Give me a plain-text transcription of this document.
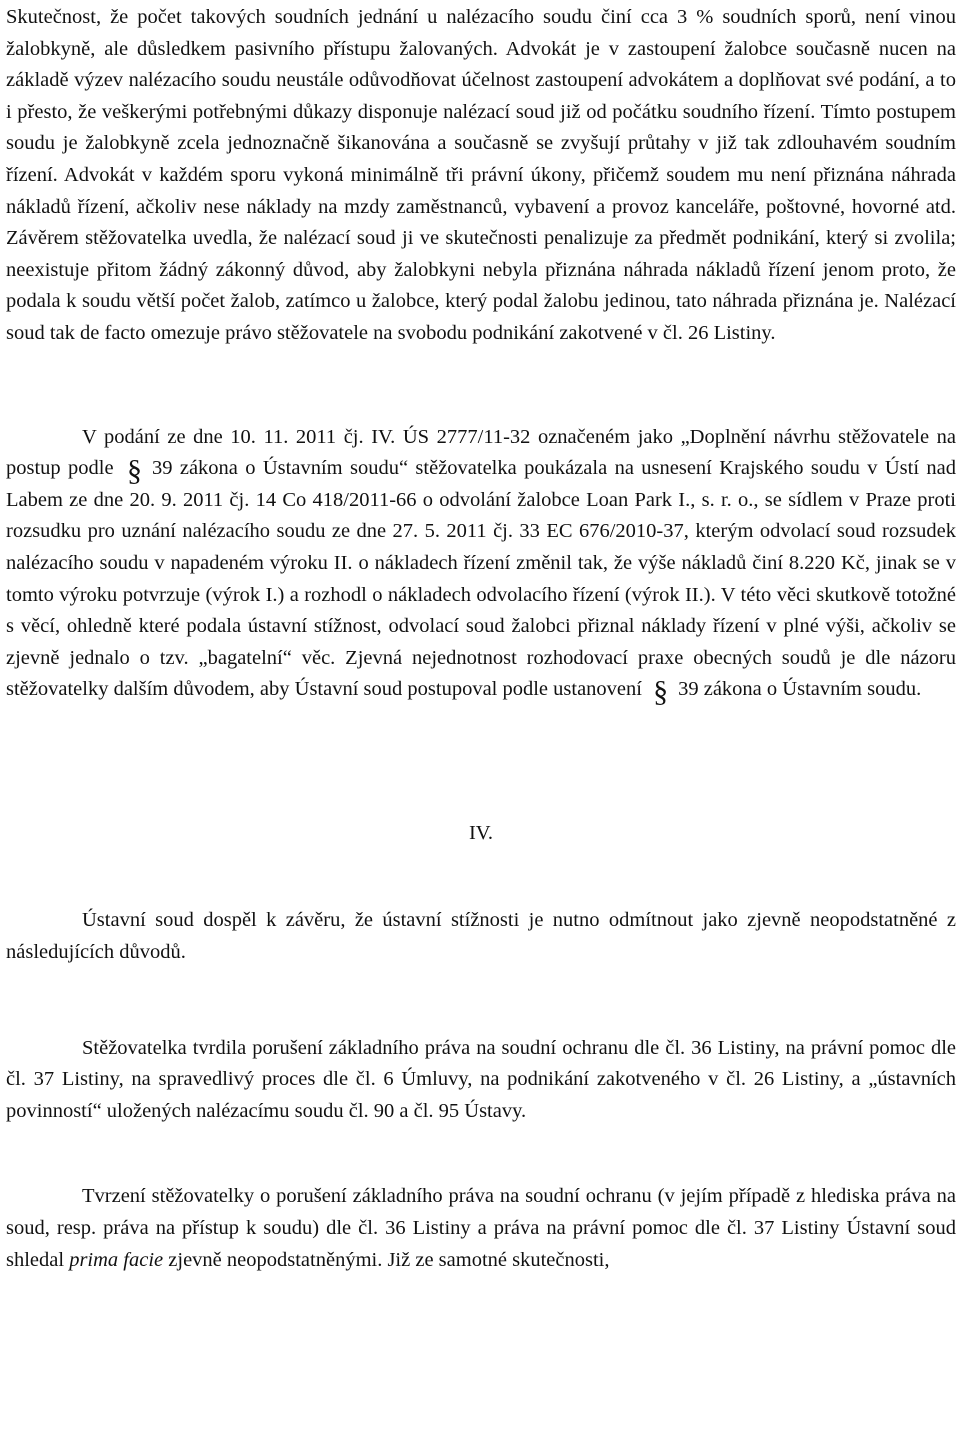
Skutečnost, že počet takových soudních jednání u nalézacího soudu činí cca 3 % soudních sporů, není vinou žalobkyně, ale důsledkem pasivního přístupu žalovaných. Advokát je v zastoupení žalobce současně nucen na základě výzev nalézacího soudu neustále odůvodňovat účelnost zastoupení advokátem a doplňovat své podání, a to i přesto, že veškerými potřebnými důkazy disponuje nalézací soud již od počátku soudního řízení. Tímto postupem soudu je žalobkyně zcela jednoznačně šikanována a současně se zvyšují průtahy v již tak zdlouhavém soudním řízení. Advokát v každém sporu vykoná minimálně tři právní úkony, přičemž soudem mu není přiznána náhrada nákladů řízení, ačkoliv nese náklady na mzdy zaměstnanců, vybavení a provoz kanceláře, poštovné, hovorné atd. Závěrem stěžovatelka uvedla, že nalézací soud ji ve skutečnosti penalizuje za předmět podnikání, který si zvolila; neexistuje přitom žádný zákonný důvod, aby žalobkyni nebyla přiznána náhrada nákladů řízení jenom proto, že podala k soudu větší počet žalob, zatímco u žalobce, který podal žalobu jedinou, tato náhrada přiznána je. Nalézací soud tak de facto omezuje právo stěžovatele na svobodu podnikání zakotvené v čl. 26 Listiny.

V podání ze dne 10. 11. 2011 čj. IV. ÚS 2777/11-32 označeném jako „Doplnění návrhu stěžovatele na postup podle § 39 zákona o Ústavním soudu“ stěžovatelka poukázala na usnesení Krajského soudu v Ústí nad Labem ze dne 20. 9. 2011 čj. 14 Co 418/2011-66 o odvolání žalobce Loan Park I., s. r. o., se sídlem v Praze proti rozsudku pro uznání nalézacího soudu ze dne 27. 5. 2011 čj. 33 EC 676/2010-37, kterým odvolací soud rozsudek nalézacího soudu v napadeném výroku II. o nákladech řízení změnil tak, že výše nákladů činí 8.220 Kč, jinak se v tomto výroku potvrzuje (výrok I.) a rozhodl o nákladech odvolacího řízení (výrok II.). V této věci skutkově totožné s věcí, ohledně které podala ústavní stížnost, odvolací soud žalobci přiznal náklady řízení v plné výši, ačkoliv se zjevně jednalo o tzv. „bagatelní“ věc. Zjevná nejednotnost rozhodovací praxe obecných soudů je dle názoru stěžovatelky dalším důvodem, aby Ústavní soud postupoval podle ustanovení § 39 zákona o Ústavním soudu.

IV.

Ústavní soud dospěl k závěru, že ústavní stížnosti je nutno odmítnout jako zjevně neopodstatněné z následujících důvodů.

Stěžovatelka tvrdila porušení základního práva na soudní ochranu dle čl. 36 Listiny, na právní pomoc dle čl. 37 Listiny, na spravedlivý proces dle čl. 6 Úmluvy, na podnikání zakotveného v čl. 26 Listiny, a „ústavních povinností“ uložených nalézacímu soudu čl. 90 a čl. 95 Ústavy.

Tvrzení stěžovatelky o porušení základního práva na soudní ochranu (v jejím případě z hlediska práva na soud, resp. práva na přístup k soudu) dle čl. 36 Listiny a práva na právní pomoc dle čl. 37 Listiny Ústavní soud shledal prima facie zjevně neopodstatněnými. Již ze samotné skutečnosti,
